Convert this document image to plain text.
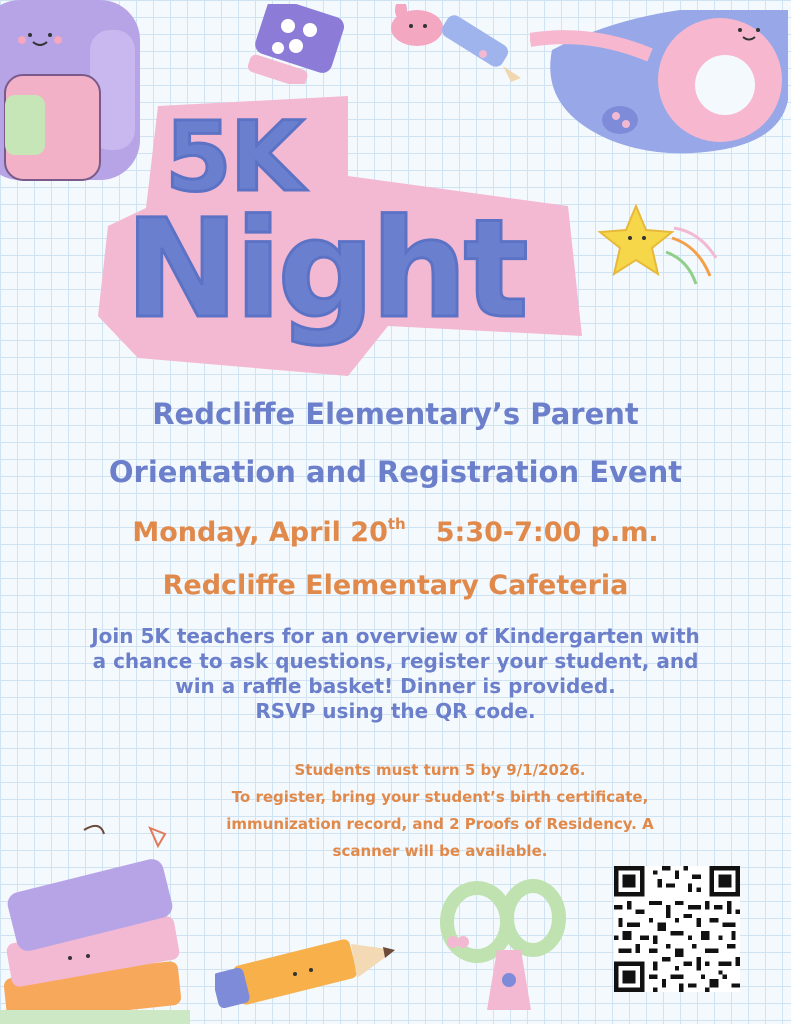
5K
Night
Redcliffe Elementary’s Parent
Orientation and Registration Event
Monday, April 20th 5:30-7:00 p.m.
Redcliffe Elementary Cafeteria
Join 5K teachers for an overview of Kindergarten with
a chance to ask questions, register your student, and
win a raffle basket! Dinner is provided.
RSVP using the QR code.
Students must turn 5 by 9/1/2026.
To register, bring your student’s birth certificate,
immunization record, and 2 Proofs of Residency. A
scanner will be available.
